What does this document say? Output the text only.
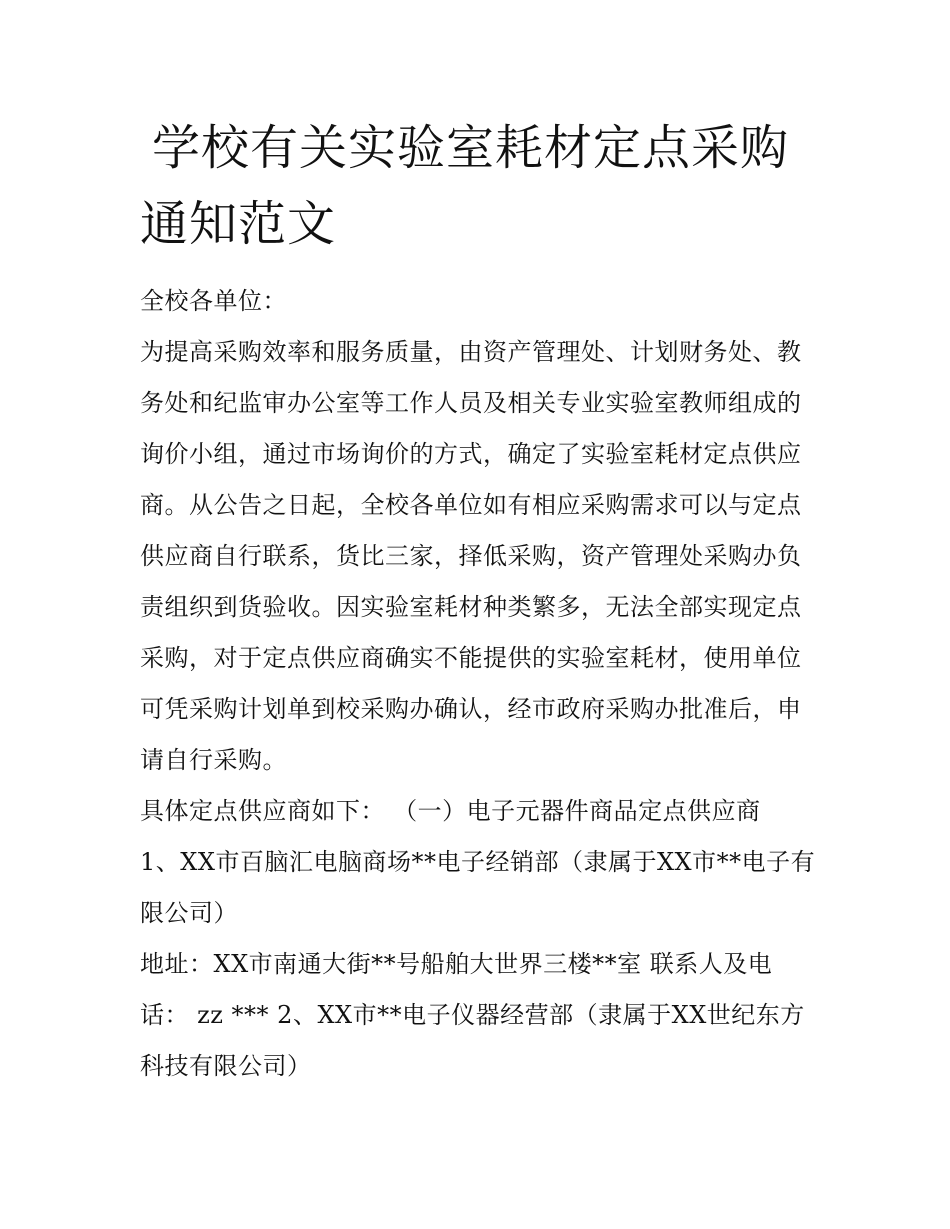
学校有关实验室耗材定点采购通知范文

全校各单位：

为提高采购效率和服务质量，由资产管理处、计划财务处、教务处和纪监审办公室等工作人员及相关专业实验室教师组成的询价小组，通过市场询价的方式，确定了实验室耗材定点供应商。从公告之日起，全校各单位如有相应采购需求可以与定点供应商自行联系，货比三家，择低采购，资产管理处采购办负责组织到货验收。因实验室耗材种类繁多，无法全部实现定点采购，对于定点供应商确实不能提供的实验室耗材，使用单位可凭采购计划单到校采购办确认，经市政府采购办批准后，申请自行采购。

具体定点供应商如下： （一）电子元器件商品定点供应商

1、XX市百脑汇电脑商场**电子经销部（隶属于XX市**电子有限公司）

地址：XX市南通大街**号船舶大世界三楼**室 联系人及电话： zz *** 2、XX市**电子仪器经营部（隶属于XX世纪东方科技有限公司）
